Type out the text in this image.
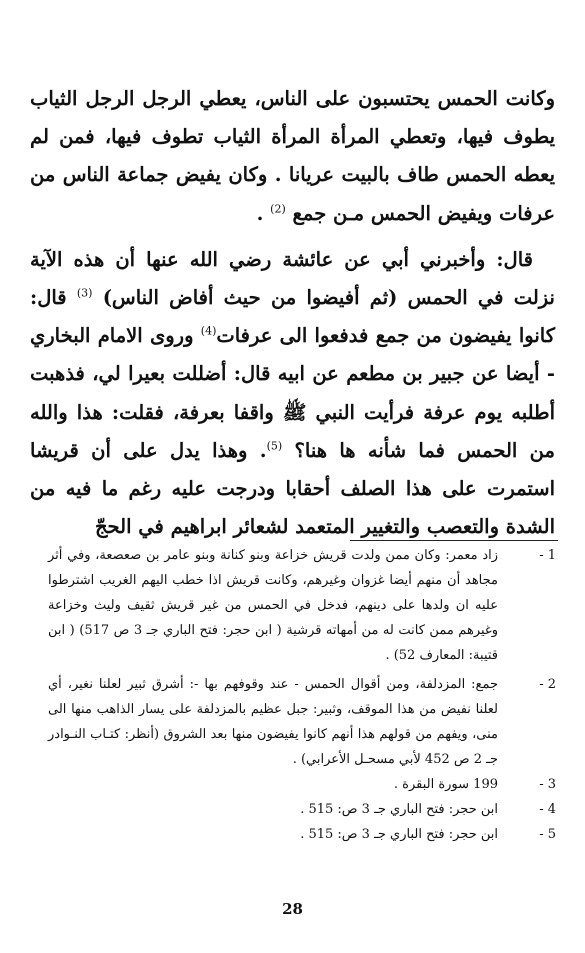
وكانت الحمس يحتسبون على الناس، يعطي الرجل الرجل الثياب يطوف فيها، وتعطي المرأة المرأة الثياب تطوف فيها، فمن لم يعطه الحمس طاف بالبيت عريانا . وكان يفيض جماعة الناس من عرفات ويفيض الحمس مـن جمع $^{(2)}$ .

قال: وأخبرني أبي عن عائشة رضي الله عنها أن هذه الآية نزلت في الحمس (ثم أفيضوا من حيث أفاض الناس) $^{(3)}$ قال: كانوا يفيضون من جمع فدفعوا الى عرفات$^{(4)}$ وروى الامام البخاري - أيضا عن جبير بن مطعم عن ابيه قال: أضللت بعيرا لي، فذهبت أطلبه يوم عرفة فرأيت النبي ﷺ واقفا بعرفة، فقلت: هذا والله من الحمس فما شأنه ها هنا؟ $^{(5)}$. وهذا يدل على أن قريشا استمرت على هذا الصلف أحقابا ودرجت عليه رغم ما فيه من الشدة والتعصب والتغيير المتعمد لشعائر ابراهيم في الحجّ

1 -

زاد معمر: وكان ممن ولدت قريش خزاعة وبنو كنانة وبنو عامر بن صعصعة، وفي أثر مجاهد أن منهم أيضا غزوان وغيرهم، وكانت قريش اذا خطب اليهم الغريب اشترطوا عليه ان ولدها على دينهم، فدخل في الحمس من غير قريش ثقيف وليث وخزاعة وغيرهم ممن كانت له من أمهاته قرشية ( ابن حجر: فتح الباري جـ 3 ص 517) ( ابن قتيبة: المعارف 52) .

2 -

جمع: المزدلفة، ومن أقوال الحمس - عند وقوفهم بها -: أشرق ثبير لعلنا نغير، أي لعلنا نفيض من هذا الموقف، وثبير: جبل عظيم بالمزدلفة على يسار الذاهب منها الى منى، ويفهم من قولهم هذا أنهم كانوا يفيضون منها بعد الشروق (أنظر: كتـاب النـوادر جـ 2 ص 452 لأبي مسحـل الأعرابي) .

3 -

199 سورة البقرة .

4 -

ابن حجر: فتح الباري جـ 3 ص: 515 .

5 -

ابن حجر: فتح الباري جـ 3 ص: 515 .

28
